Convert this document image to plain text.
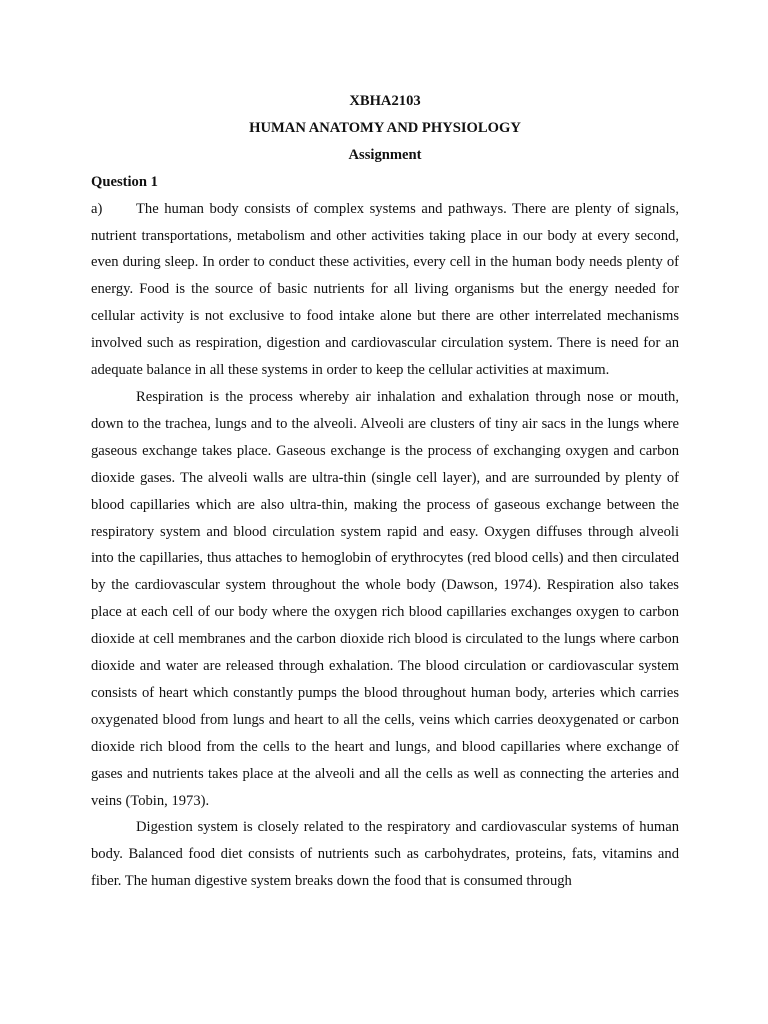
XBHA2103

HUMAN ANATOMY AND PHYSIOLOGY

Assignment

Question 1

a) The human body consists of complex systems and pathways. There are plenty of signals, nutrient transportations, metabolism and other activities taking place in our body at every second, even during sleep. In order to conduct these activities, every cell in the human body needs plenty of energy. Food is the source of basic nutrients for all living organisms but the energy needed for cellular activity is not exclusive to food intake alone but there are other interrelated mechanisms involved such as respiration, digestion and cardiovascular circulation system. There is need for an adequate balance in all these systems in order to keep the cellular activities at maximum.

Respiration is the process whereby air inhalation and exhalation through nose or mouth, down to the trachea, lungs and to the alveoli. Alveoli are clusters of tiny air sacs in the lungs where gaseous exchange takes place. Gaseous exchange is the process of exchanging oxygen and carbon dioxide gases. The alveoli walls are ultra-thin (single cell layer), and are surrounded by plenty of blood capillaries which are also ultra-thin, making the process of gaseous exchange between the respiratory system and blood circulation system rapid and easy. Oxygen diffuses through alveoli into the capillaries, thus attaches to hemoglobin of erythrocytes (red blood cells) and then circulated by the cardiovascular system throughout the whole body (Dawson, 1974). Respiration also takes place at each cell of our body where the oxygen rich blood capillaries exchanges oxygen to carbon dioxide at cell membranes and the carbon dioxide rich blood is circulated to the lungs where carbon dioxide and water are released through exhalation. The blood circulation or cardiovascular system consists of heart which constantly pumps the blood throughout human body, arteries which carries oxygenated blood from lungs and heart to all the cells, veins which carries deoxygenated or carbon dioxide rich blood from the cells to the heart and lungs, and blood capillaries where exchange of gases and nutrients takes place at the alveoli and all the cells as well as connecting the arteries and veins (Tobin, 1973).

Digestion system is closely related to the respiratory and cardiovascular systems of human body. Balanced food diet consists of nutrients such as carbohydrates, proteins, fats, vitamins and fiber. The human digestive system breaks down the food that is consumed through
